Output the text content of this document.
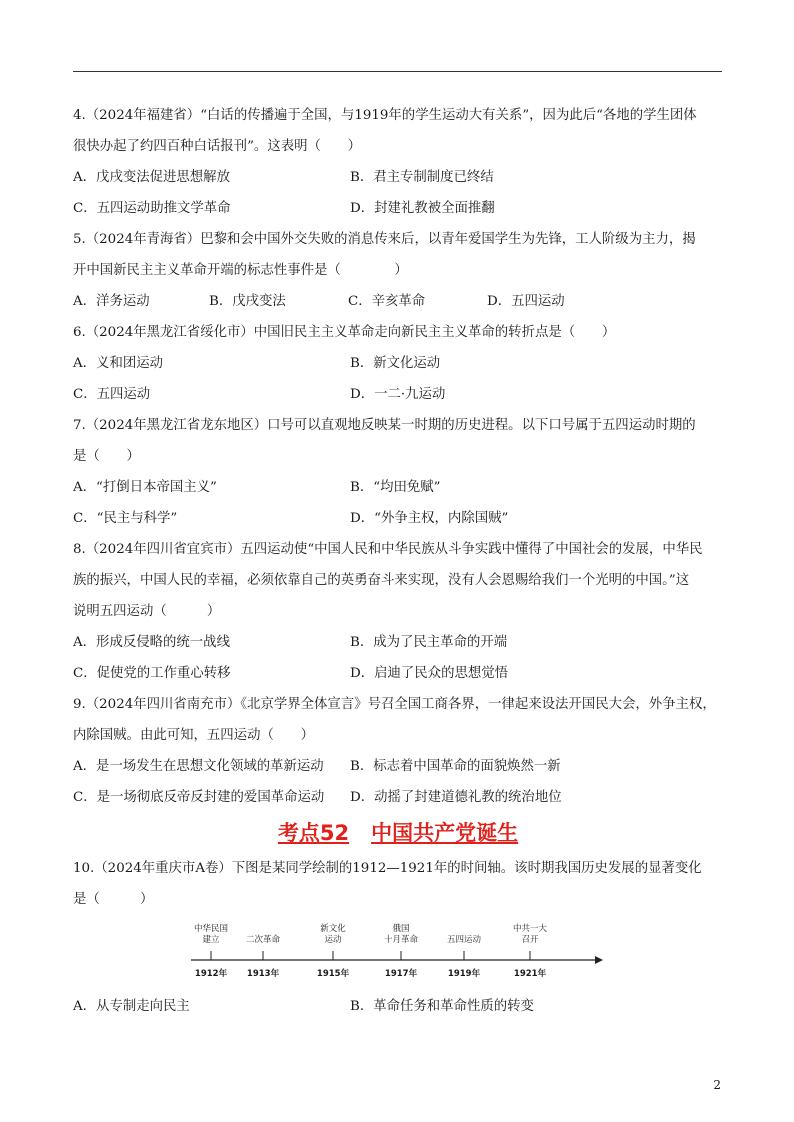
4.（2024年福建省）“白话的传播遍于全国，与1919年的学生运动大有关系”，因为此后“各地的学生团体
很快办起了约四百种白话报刊”。这表明（　　）
A．戊戌变法促进思想解放	B．君主专制制度已终结
C．五四运动助推文学革命	D．封建礼教被全面推翻
5.（2024年青海省）巴黎和会中国外交失败的消息传来后，以青年爱国学生为先锋，工人阶级为主力，揭
开中国新民主主义革命开端的标志性事件是（　　　　）
A．洋务运动	B．戊戌变法	C．辛亥革命	D．五四运动
6.（2024年黑龙江省绥化市）中国旧民主主义革命走向新民主主义革命的转折点是（　　）
A．义和团运动	B．新文化运动
C．五四运动	D．一二·九运动
7.（2024年黑龙江省龙东地区）口号可以直观地反映某一时期的历史进程。以下口号属于五四运动时期的
是（　　）
A．“打倒日本帝国主义”	B．“均田免赋”
C．“民主与科学”	D．“外争主权，内除国贼”
8.（2024年四川省宜宾市）五四运动使“中国人民和中华民族从斗争实践中懂得了中国社会的发展，中华民
族的振兴，中国人民的幸福，必须依靠自己的英勇奋斗来实现，没有人会恩赐给我们一个光明的中国。”这
说明五四运动（　　　）
A．形成反侵略的统一战线	B．成为了民主革命的开端
C．促使党的工作重心转移	D．启迪了民众的思想觉悟
9.（2024年四川省南充市）《北京学界全体宣言》号召全国工商各界，一律起来设法开国民大会，外争主权，
内除国贼。由此可知，五四运动（　　）
A．是一场发生在思想文化领域的革新运动	B．标志着中国革命的面貌焕然一新
C．是一场彻底反帝反封建的爱国革命运动	D．动摇了封建道德礼教的统治地位
考点52 中国共产党诞生
10.（2024年重庆市A卷）下图是某同学绘制的1912—1921年的时间轴。该时期我国历史发展的显著变化
是（　　　）
中华民国
建立
1912年
二次革命
1913年
新文化
运动
1915年
俄国
十月革命
1917年
五四运动
1919年
中共一大
召开
1921年
A．从专制走向民主	B．革命任务和革命性质的转变
2
